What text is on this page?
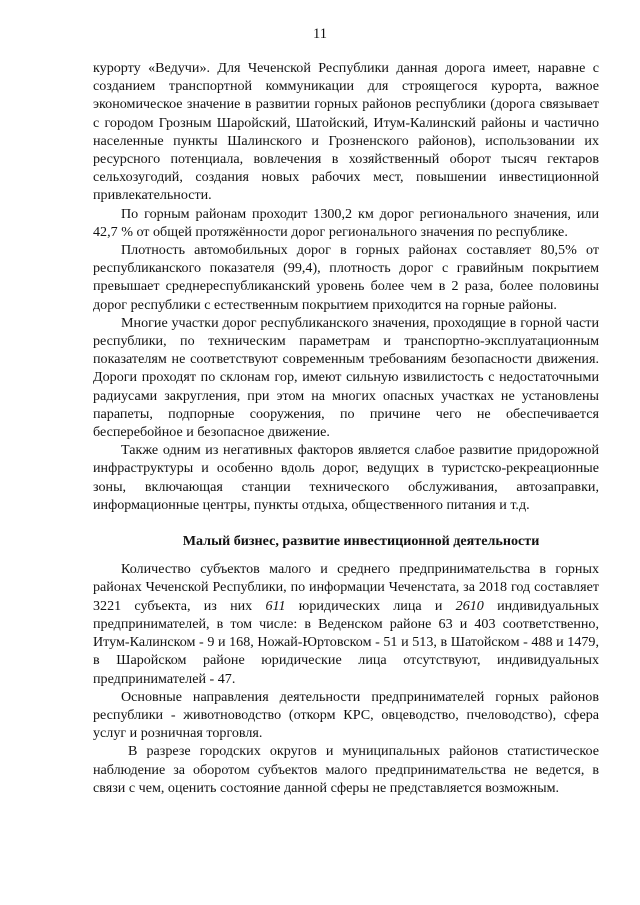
11

курорту «Ведучи». Для Чеченской Республики данная дорога имеет, наравне с созданием транспортной коммуникации для строящегося курорта, важное экономическое значение в развитии горных районов республики (дорога связывает с городом Грозным Шаройский, Шатойский, Итум-Калинский районы и частично населенные пункты Шалинского и Грозненского районов), использовании их ресурсного потенциала, вовлечения в хозяйственный оборот тысяч гектаров сельхозугодий, создания новых рабочих мест, повышении инвестиционной привлекательности.

По горным районам проходит 1300,2 км дорог регионального значения, или 42,7 % от общей протяжённости дорог регионального значения по республике.

Плотность автомобильных дорог в горных районах составляет 80,5% от республиканского показателя (99,4), плотность дорог с гравийным покрытием превышает среднереспубликанский уровень более чем в 2 раза, более половины дорог республики с естественным покрытием приходится на горные районы.

Многие участки дорог республиканского значения, проходящие в горной части республики, по техническим параметрам и транспортно-эксплуатационным показателям не соответствуют современным требованиям безопасности движения. Дороги проходят по склонам гор, имеют сильную извилистость с недостаточными радиусами закругления, при этом на многих опасных участках не установлены парапеты, подпорные сооружения, по причине чего не обеспечивается бесперебойное и безопасное движение.

Также одним из негативных факторов является слабое развитие придорожной инфраструктуры и особенно вдоль дорог, ведущих в туристско-рекреационные зоны, включающая станции технического обслуживания, автозаправки, информационные центры, пункты отдыха, общественного питания и т.д.

Малый бизнес, развитие инвестиционной деятельности

Количество субъектов малого и среднего предпринимательства в горных районах Чеченской Республики, по информации Чеченстата, за 2018 год составляет 3221 субъекта, из них 611 юридических лица и 2610 индивидуальных предпринимателей, в том числе: в Веденском районе 63 и 403 соответственно, Итум-Калинском - 9 и 168, Ножай-Юртовском - 51 и 513, в Шатойском - 488 и 1479, в Шаройском районе юридические лица отсутствуют, индивидуальных предпринимателей - 47.

Основные направления деятельности предпринимателей горных районов республики - животноводство (откорм КРС, овцеводство, пчеловодство), сфера услуг и розничная торговля.

В разрезе городских округов и муниципальных районов статистическое наблюдение за оборотом субъектов малого предпринимательства не ведется, в связи с чем, оценить состояние данной сферы не представляется возможным.
